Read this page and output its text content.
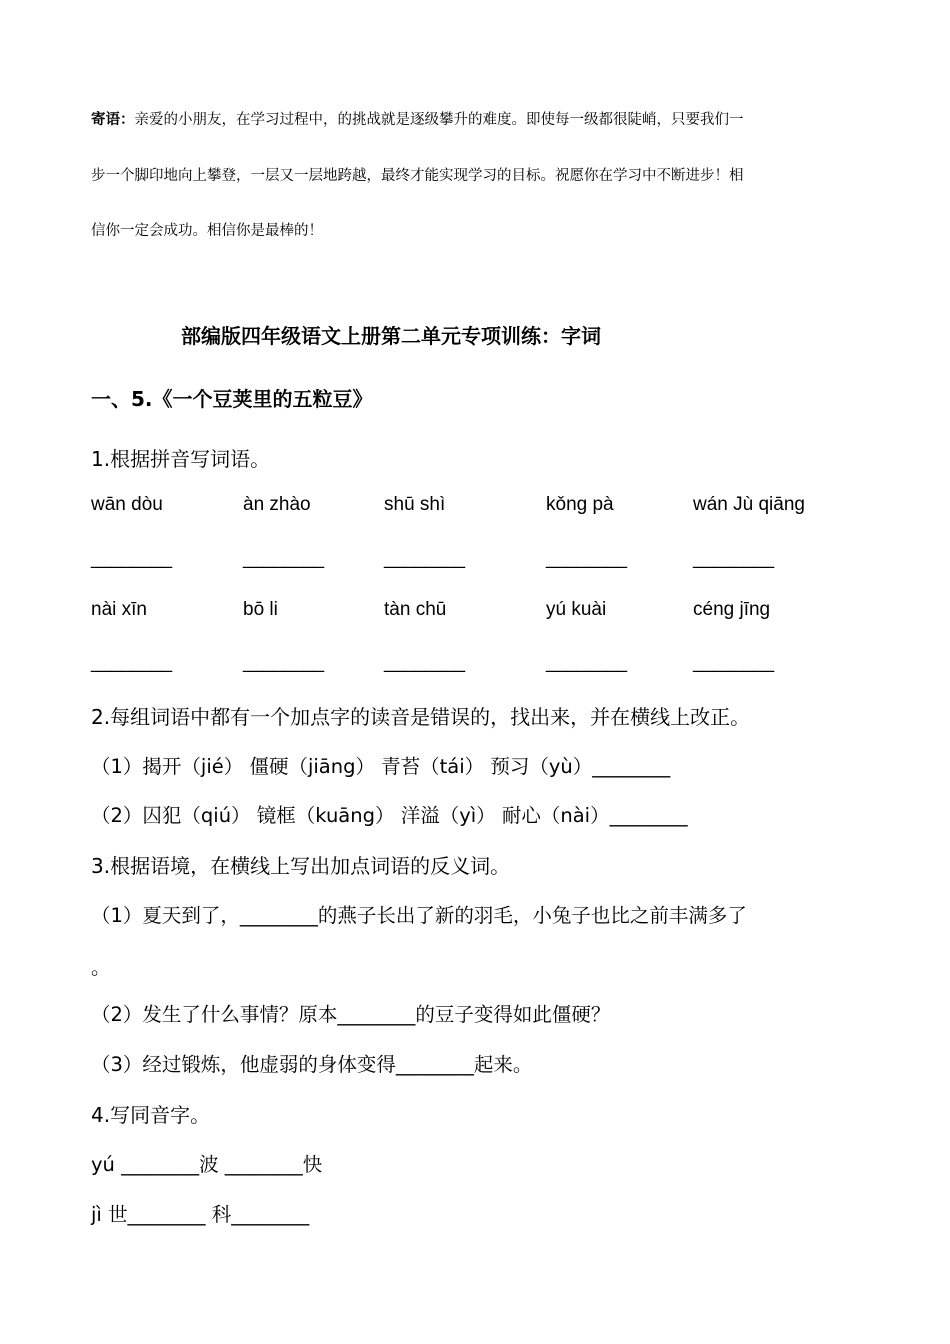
寄语：亲爱的小朋友，在学习过程中，的挑战就是逐级攀升的难度。即使每一级都很陡峭，只要我们一
步一个脚印地向上攀登，一层又一层地跨越，最终才能实现学习的目标。祝愿你在学习中不断进步！相
信你一定会成功。相信你是最棒的！
部编版四年级语文上册第二单元专项训练：字词
一、5.《一个豆荚里的五粒豆》
1.根据拼音写词语。
wān dòu	àn zhào	shū shì	kǒng pà	wán Jù qiāng
________	________	________	________	________
nài xīn	bō li	tàn chū	yú kuài	céng jīng
________	________	________	________	________
2.每组词语中都有一个加点字的读音是错误的，找出来，并在横线上改正。
（1）揭开（jié） 僵硬（jiāng） 青苔（tái） 预习（yù）________
（2）囚犯（qiú） 镜框（kuāng） 洋溢（yì） 耐心（nài）________
3.根据语境，在横线上写出加点词语的反义词。
（1）夏天到了，________的燕子长出了新的羽毛，小兔子也比之前丰满多了
。
（2）发生了什么事情？原本________的豆子变得如此僵硬？
（3）经过锻炼，他虚弱的身体变得________起来。
4.写同音字。
yú ________波 ________快
jì 世________ 科________
